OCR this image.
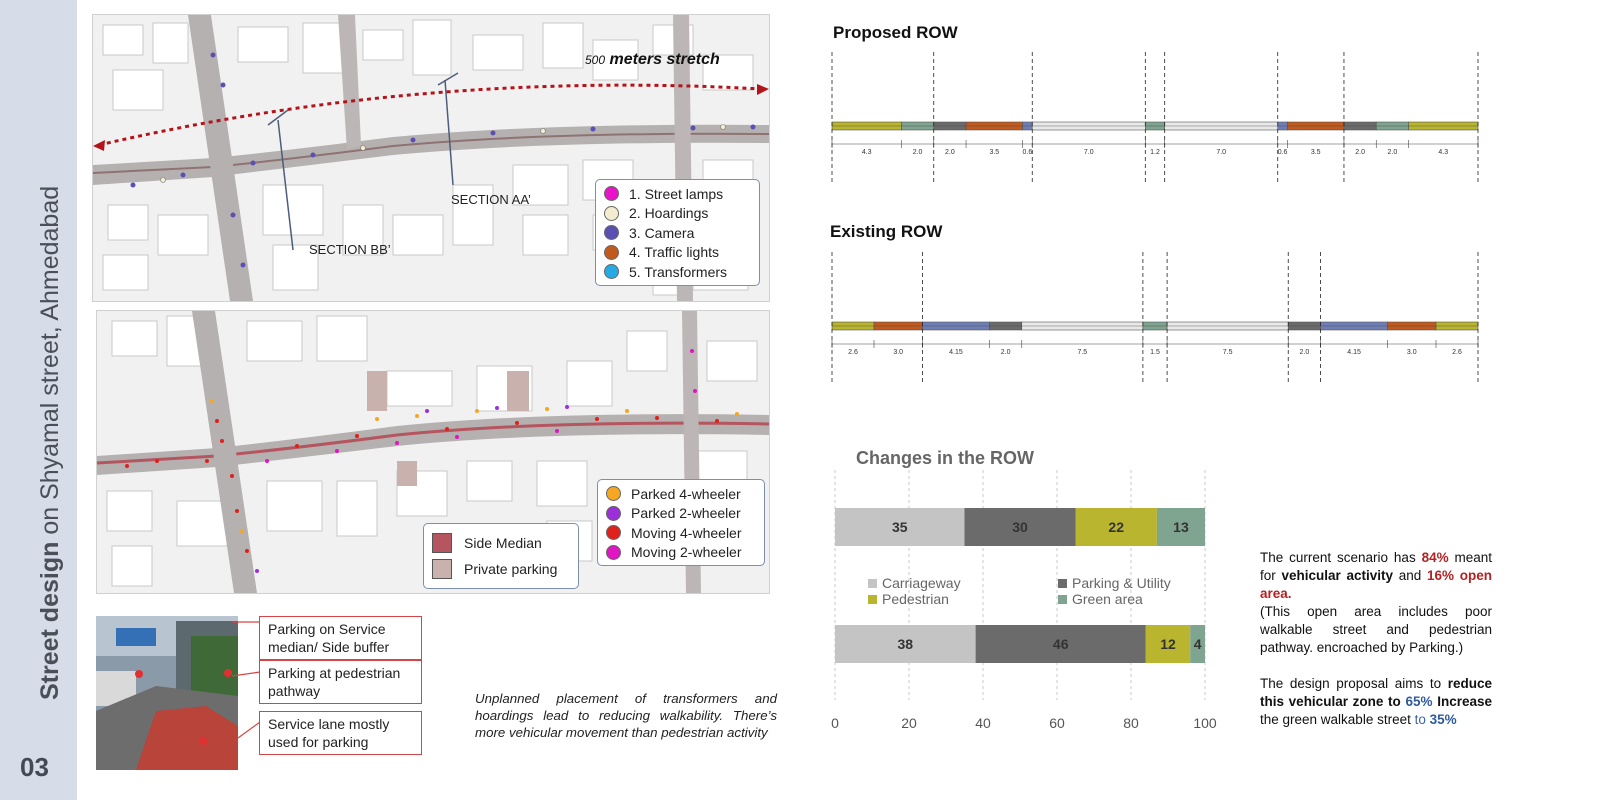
Street design on Shyamal street, Ahmedabad
03
500 meters stretch
SECTION AA’
SECTION BB’
1. Street lamps
2. Hoardings
3. Camera
4. Traffic lights
5. Transformers
Side Median
Private parking
Parked 4-wheeler
Parked 2-wheeler
Moving 4-wheeler
Moving 2-wheeler
Parking on Service median/ Side buffer
Parking at pedestrian pathway
Service lane mostly used for parking
Unplanned placement of transformers and hoardings lead to reducing walkability. There’s more vehicular movement than pedestrian activity
Proposed ROW
4.3	2.0	2.0	3.5	0.6	7.0	1.2	7.0	0.6	3.5	2.0	2.0	4.3
Existing ROW
2.6	3.0	4.15	2.0	7.5	1.5	7.5	2.0	4.15	3.0	2.6
Changes in the ROW
0	20	40	60	80	100
35	30	22	13
38	46	12 4
Carriageway	Parking & Utility
Pedestrian	Green area

The current scenario has 84% meant for vehicular activity and 16% open area.
(This open area includes poor walkable street and pedestrian pathway. encroached by Parking.)

The design proposal aims to reduce this vehicular zone to 65% Increase the green walkable street to 35%
